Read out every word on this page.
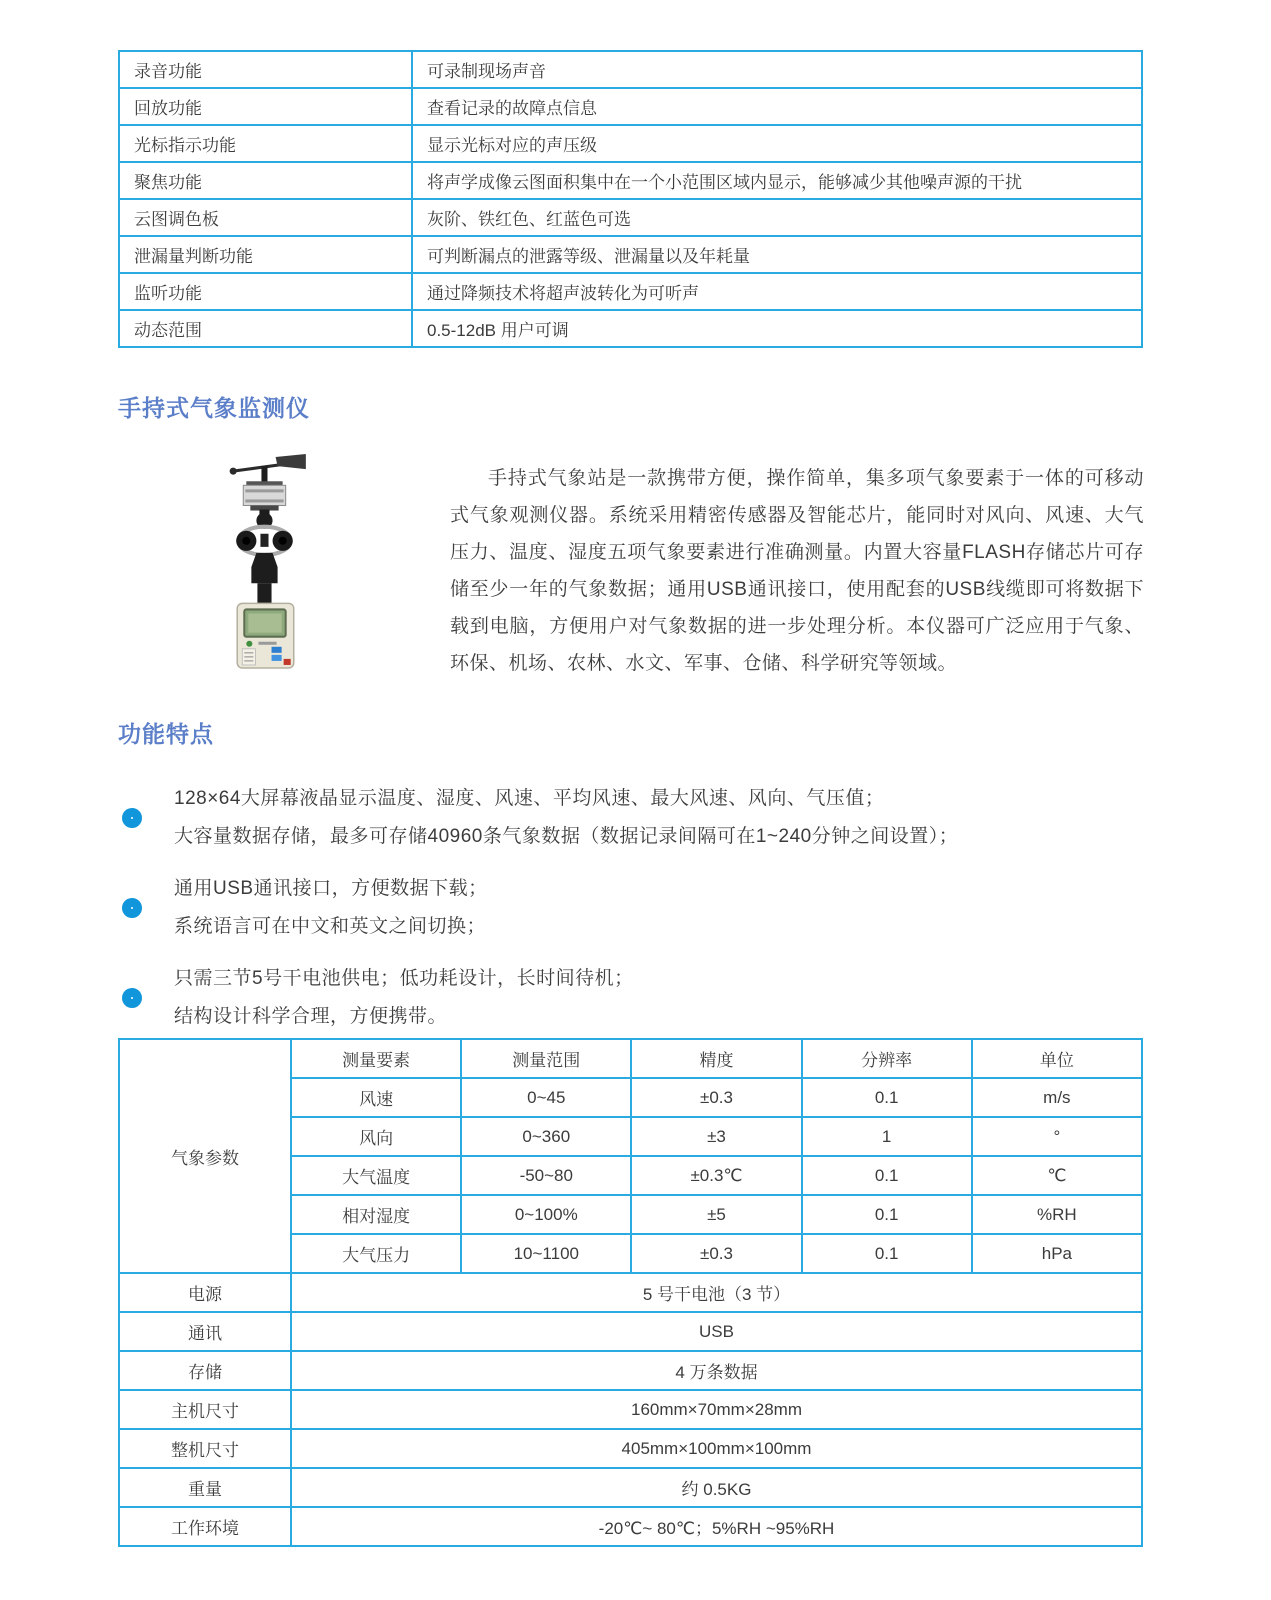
录音功能	可录制现场声音
回放功能	查看记录的故障点信息
光标指示功能	显示光标对应的声压级
聚焦功能	将声学成像云图面积集中在一个小范围区域内显示，能够减少其他噪声源的干扰
云图调色板	灰阶、铁红色、红蓝色可选
泄漏量判断功能	可判断漏点的泄露等级、泄漏量以及年耗量
监听功能	通过降频技术将超声波转化为可听声
动态范围	0.5-12dB 用户可调
手持式气象监测仪

手持式气象站是一款携带方便，操作简单，集多项气象要素于一体的可移动式气象观测仪器。系统采用精密传感器及智能芯片，能同时对风向、风速、大气压力、温度、湿度五项气象要素进行准确测量。内置大容量FLASH存储芯片可存储至少一年的气象数据；通用USB通讯接口，使用配套的USB线缆即可将数据下载到电脑，方便用户对气象数据的进一步处理分析。本仪器可广泛应用于气象、环保、机场、农林、水文、军事、仓储、科学研究等领域。

功能特点
128×64大屏幕液晶显示温度、湿度、风速、平均风速、最大风速、风向、气压值；
大容量数据存储，最多可存储40960条气象数据（数据记录间隔可在1~240分钟之间设置）；
通用USB通讯接口，方便数据下载；
系统语言可在中文和英文之间切换；
只需三节5号干电池供电；低功耗设计，长时间待机；
结构设计科学合理，方便携带。
气象参数	测量要素	测量范围	精度	分辨率	单位
	风速	0~45	±0.3	0.1	m/s
	风向	0~360	±3	1	°
	大气温度	-50~80	±0.3℃	0.1	℃
	相对湿度	0~100%	±5	0.1	%RH
	大气压力	10~1100	±0.3	0.1	hPa
电源	5 号干电池（3 节）				
通讯	USB				
存储	4 万条数据				
主机尺寸	160mm×70mm×28mm				
整机尺寸	405mm×100mm×100mm				
重量	约 0.5KG				
工作环境	-20℃~ 80℃；5%RH ~95%RH				
